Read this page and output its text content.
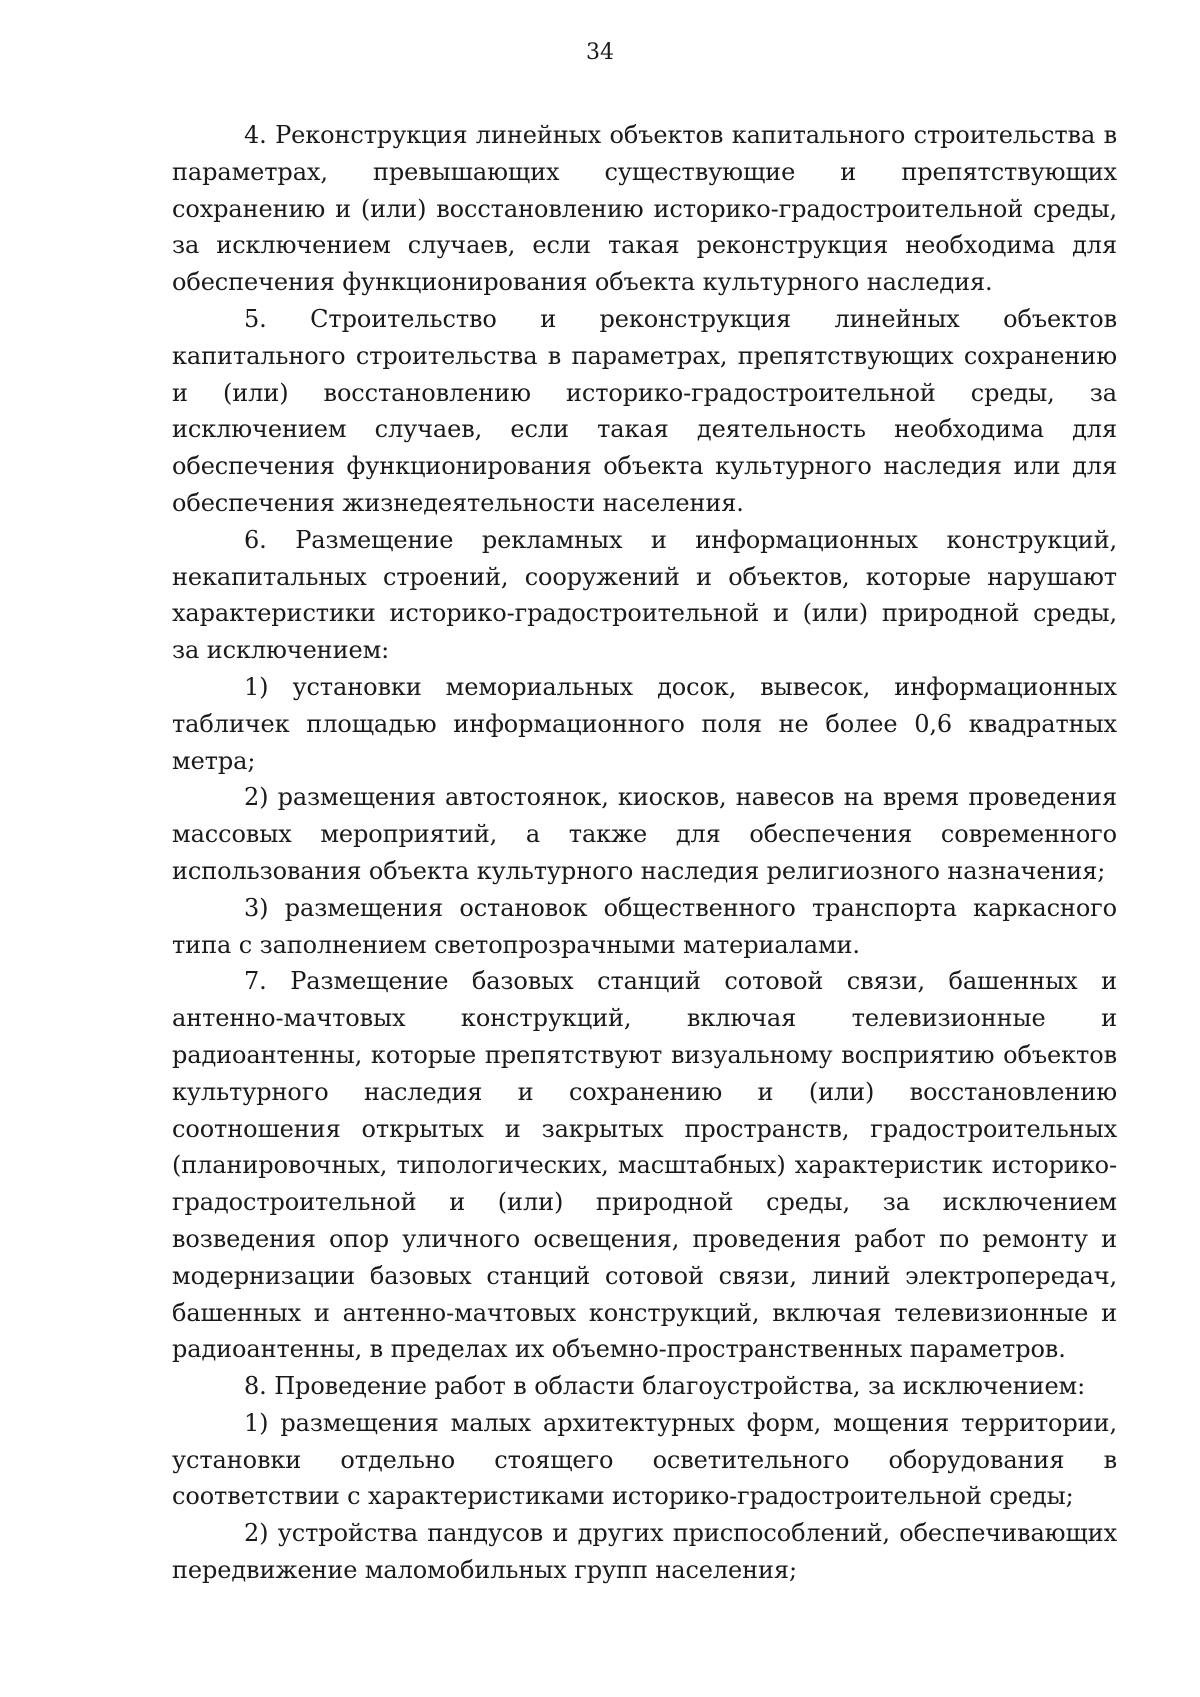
34

4. Реконструкция линейных объектов капитального строительства в параметрах, превышающих существующие и препятствующих сохранению и (или) восстановлению историко-градостроительной среды, за исключением случаев, если такая реконструкция необходима для обеспечения функционирования объекта культурного наследия.

5. Строительство и реконструкция линейных объектов капитального строительства в параметрах, препятствующих сохранению и (или) восстановлению историко-градостроительной среды, за исключением случаев, если такая деятельность необходима для обеспечения функционирования объекта культурного наследия или для обеспечения жизнедеятельности населения.

6. Размещение рекламных и информационных конструкций, некапитальных строений, сооружений и объектов, которые нарушают характеристики историко-градостроительной и (или) природной среды, за исключением:

1) установки мемориальных досок, вывесок, информационных табличек площадью информационного поля не более 0,6 квадратных метра;

2) размещения автостоянок, киосков, навесов на время проведения массовых мероприятий, а также для обеспечения современного использования объекта культурного наследия религиозного назначения;

3) размещения остановок общественного транспорта каркасного типа с заполнением светопрозрачными материалами.

7. Размещение базовых станций сотовой связи, башенных и антенно-мачтовых конструкций, включая телевизионные и радиоантенны, которые препятствуют визуальному восприятию объектов культурного наследия и сохранению и (или) восстановлению соотношения открытых и закрытых пространств, градостроительных (планировочных, типологических, масштабных) характеристик историко-градостроительной и (или) природной среды, за исключением возведения опор уличного освещения, проведения работ по ремонту и модернизации базовых станций сотовой связи, линий электропередач, башенных и антенно-мачтовых конструкций, включая телевизионные и радиоантенны, в пределах их объемно-пространственных параметров.

8. Проведение работ в области благоустройства, за исключением:

1) размещения малых архитектурных форм, мощения территории, установки отдельно стоящего осветительного оборудования в соответствии с характеристиками историко-градостроительной среды;

2) устройства пандусов и других приспособлений, обеспечивающих передвижение маломобильных групп населения;
